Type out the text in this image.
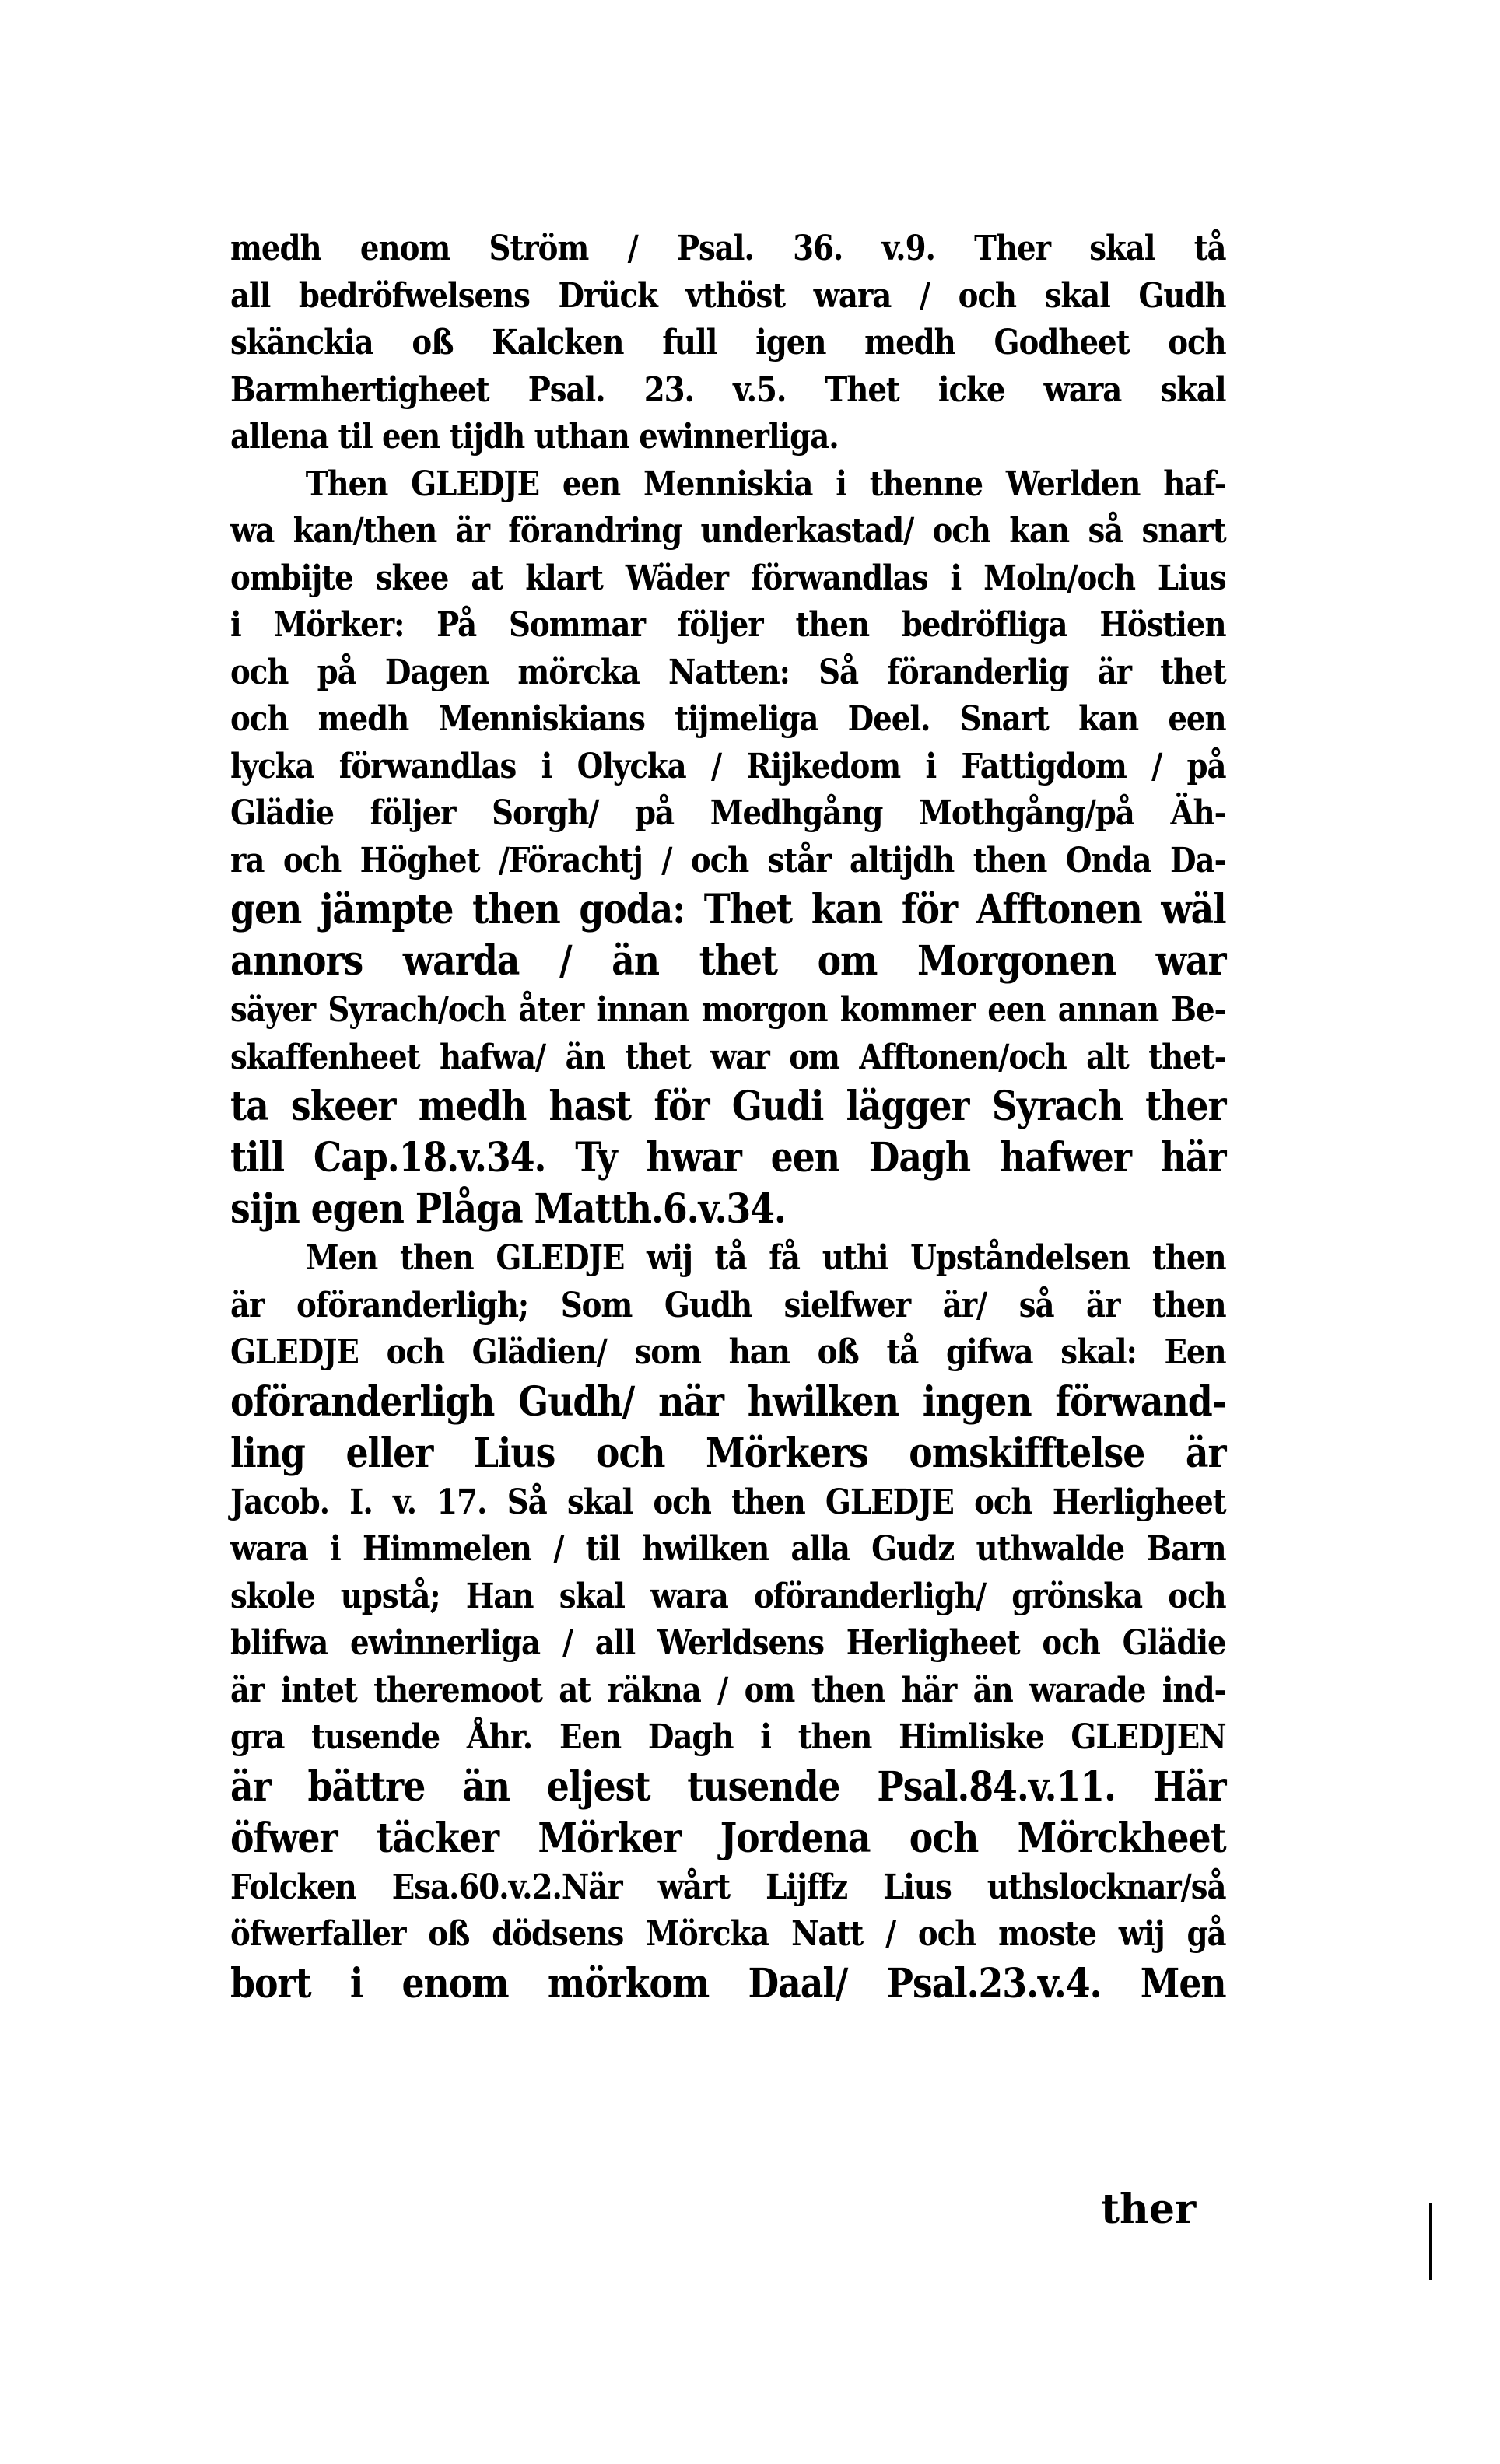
medh enom Ström / Psal. 36. v.9. Ther skal tå
all bedröfwelsens Drück vthöst wara / och skal Gudh
skänckia oß Kalcken full igen medh Godheet och
Barmhertigheet Psal. 23. v.5. Thet icke wara skal
allena til een tijdh uthan ewinnerliga.
Then GLEDJE een Menniskia i thenne Werlden haf-
wa kan/then är förandring underkastad/ och kan så snart
ombijte skee at klart Wäder förwandlas i Moln/och Lius
i Mörker: På Sommar följer then bedröfliga Höstien
och på Dagen mörcka Natten: Så föranderlig är thet
och medh Menniskians tijmeliga Deel. Snart kan een
lycka förwandlas i Olycka / Rijkedom i Fattigdom / på
Glädie följer Sorgh/ på Medhgång Mothgång/på Äh-
ra och Höghet /Förachtj / och står altijdh then Onda Da-
gen jämpte then goda: Thet kan för Afftonen wäl
annors warda / än thet om Morgonen war
säyer Syrach/och åter innan morgon kommer een annan Be-
skaffenheet hafwa/ än thet war om Afftonen/och alt thet-
ta skeer medh hast för Gudi lägger Syrach ther
till Cap.18.v.34. Ty hwar een Dagh hafwer här
sijn egen Plåga Matth.6.v.34.
Men then GLEDJE wij tå få uthi Upståndelsen then
är oföranderligh; Som Gudh sielfwer är/ så är then
GLEDJE och Glädien/ som han oß tå gifwa skal: Een
oföranderligh Gudh/ när hwilken ingen förwand-
ling eller Lius och Mörkers omskifftelse är
Jacob. I. v. 17. Så skal och then GLEDJE och Herligheet
wara i Himmelen / til hwilken alla Gudz uthwalde Barn
skole upstå; Han skal wara oföranderligh/ grönska och
blifwa ewinnerliga / all Werldsens Herligheet och Glädie
är intet theremoot at räkna / om then här än warade ind-
gra tusende Åhr. Een Dagh i then Himliske GLEDJEN
är bättre än eljest tusende Psal.84.v.11. Här
öfwer täcker Mörker Jordena och Mörckheet
Folcken Esa.60.v.2.När wårt Lijffz Lius uthslocknar/så
öfwerfaller oß dödsens Mörcka Natt / och moste wij gå
bort i enom mörkom Daal/ Psal.23.v.4. Men
ther
